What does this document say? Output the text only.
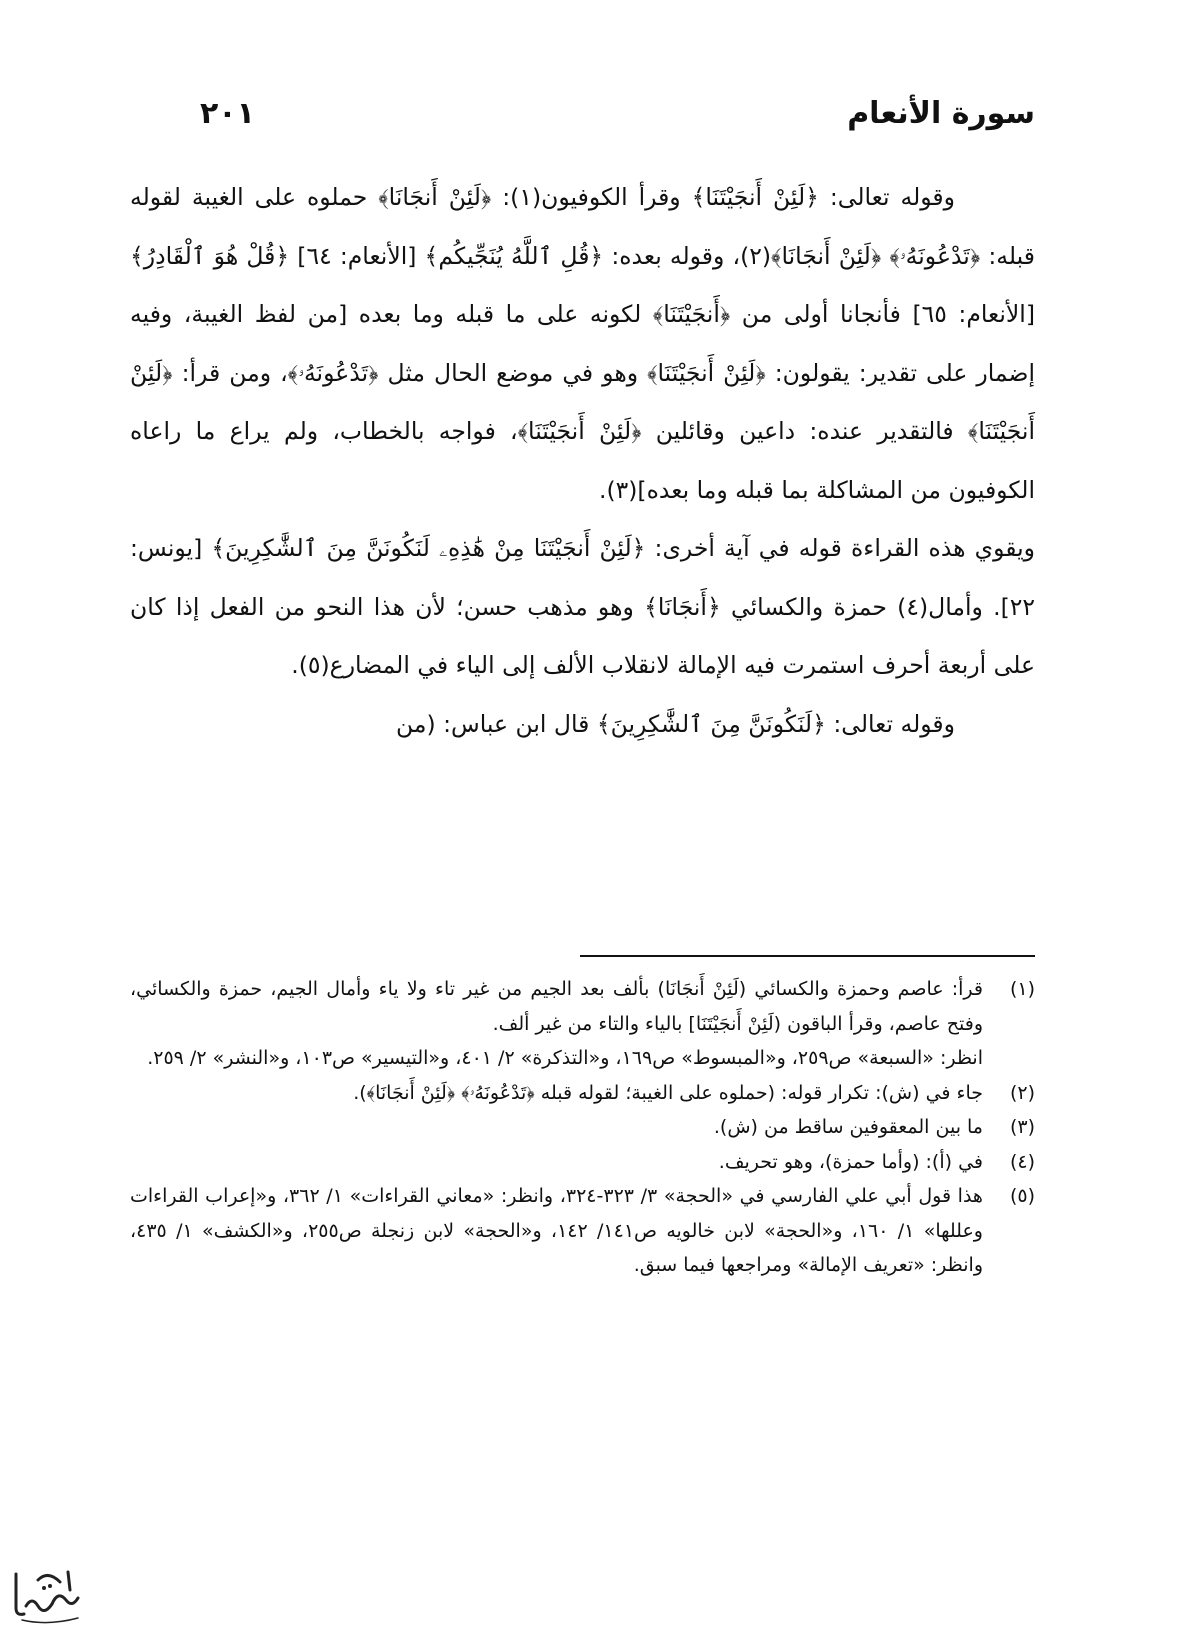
سورة الأنعام
٢٠١

وقوله تعالى: ﴿لَئِنْ أَنجَيْتَنَا﴾ وقرأ الكوفيون(١): ﴿لَئِنْ أَنجَانَا﴾ حملوه على الغيبة لقوله قبله: ﴿تَدْعُونَهُۥ﴾ ﴿لَئِنْ أَنجَانَا﴾(٢)، وقوله بعده: ﴿قُلِ ٱللَّهُ يُنَجِّيكُم﴾ [الأنعام: ٦٤] ﴿قُلْ هُوَ ٱلْقَادِرُ﴾ [الأنعام: ٦٥] فأنجانا أولى من ﴿أَنجَيْتَنَا﴾ لكونه على ما قبله وما بعده [من لفظ الغيبة، وفيه إضمار على تقدير: يقولون: ﴿لَئِنْ أَنجَيْتَنَا﴾ وهو في موضع الحال مثل ﴿تَدْعُونَهُۥ﴾، ومن قرأ: ﴿لَئِنْ أَنجَيْتَنَا﴾ فالتقدير عنده: داعين وقائلين ﴿لَئِنْ أَنجَيْتَنَا﴾، فواجه بالخطاب، ولم يراع ما راعاه الكوفيون من المشاكلة بما قبله وما بعده](٣).

ويقوي هذه القراءة قوله في آية أخرى: ﴿لَئِنْ أَنجَيْتَنَا مِنْ هَٰذِهِۦ لَنَكُونَنَّ مِنَ ٱلشَّٰكِرِينَ﴾ [يونس: ٢٢]. وأمال(٤) حمزة والكسائي ﴿أَنجَانَا﴾ وهو مذهب حسن؛ لأن هذا النحو من الفعل إذا كان على أربعة أحرف استمرت فيه الإمالة لانقلاب الألف إلى الياء في المضارع(٥).

وقوله تعالى: ﴿لَنَكُونَنَّ مِنَ ٱلشَّٰكِرِينَ﴾ قال ابن عباس: (من

(١)
قرأ: عاصم وحمزة والكسائي (لَئِنْ أَنجَانَا) بألف بعد الجيم من غير تاء ولا ياء وأمال الجيم، حمزة والكسائي، وفتح عاصم، وقرأ الباقون (لَئِنْ أَنجَيْتَنَا] بالياء والتاء من غير ألف.

انظر: «السبعة» ص٢٥٩، و«المبسوط» ص١٦٩، و«التذكرة» ٢/ ٤٠١، و«التيسير» ص١٠٣، و«النشر» ٢/ ٢٥٩.

(٢)
جاء في (ش): تكرار قوله: (حملوه على الغيبة؛ لقوله قبله ﴿تَدْعُونَهُۥ﴾ ﴿لَئِنْ أَنجَانَا﴾).
(٣)
ما بين المعقوفين ساقط من (ش).
(٤)
في (أ): (وأما حمزة)، وهو تحريف.
(٥)
هذا قول أبي علي الفارسي في «الحجة» ٣/ ٣٢٣-٣٢٤، وانظر: «معاني القراءات» ١/ ٣٦٢، و«إعراب القراءات وعللها» ١/ ١٦٠، و«الحجة» لابن خالويه ص١٤١/ ١٤٢، و«الحجة» لابن زنجلة ص٢٥٥، و«الكشف» ١/ ٤٣٥، وانظر: «تعريف الإمالة» ومراجعها فيما سبق.
